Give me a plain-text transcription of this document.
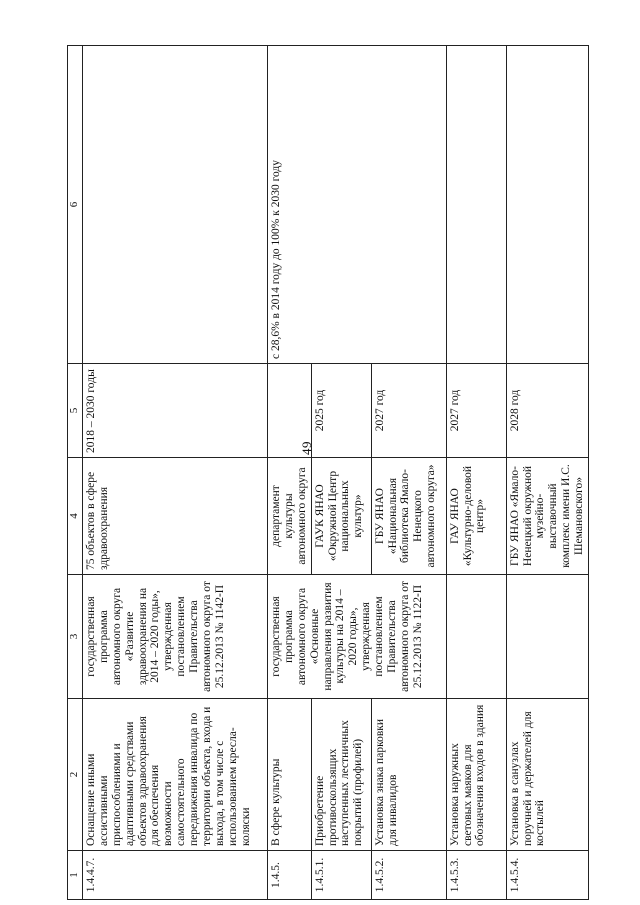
49
1	2	3	4	5	6
1.4.4.7.	Оснащение иными ассистивными приспособлениями и адаптивными средствами объектов здравоохранения для обеспечения возможности самостоятельного передвижения инвалида по территории объекта, входа и выхода, в том числе с использованием кресла-коляски	государственная программа автономного округа «Развитие здравоохранения на 2014 – 2020 годы», утвержденная постановлением Правительства автономного округа от 25.12.2013 № 1142-П	75 объектов в сфере здравоохранения	2018 – 2030 годы	
1.4.5.	В сфере культуры	государственная программа автономного округа «Основные направления развития культуры на 2014 – 2020 годы», утвержденная постановлением Правительства автономного округа от 25.12.2013 № 1122-П	департамент культуры автономного округа		с 28,6% в 2014 году до 100% к 2030 году
1.4.5.1.	Приобретение противоскользящих наступенных лестничных покрытий (профилей)		ГАУК ЯНАО «Окружной Центр национальных культур»	2025 год	
1.4.5.2.	Установка знака парковки для инвалидов		ГБУ ЯНАО «Национальная библиотека Ямало-Ненецкого автономного округа»	2027 год	
1.4.5.3.	Установка наружных световых маяков для обозначения входов в здания		ГАУ ЯНАО «Культурно-деловой центр»	2027 год	
1.4.5.4.	Установка в санузлах поручней и держателей для костылей		ГБУ ЯНАО «Ямало-Ненецкий окружной музейно-выставочный комплекс имени И.С. Шемановского»	2028 год	
